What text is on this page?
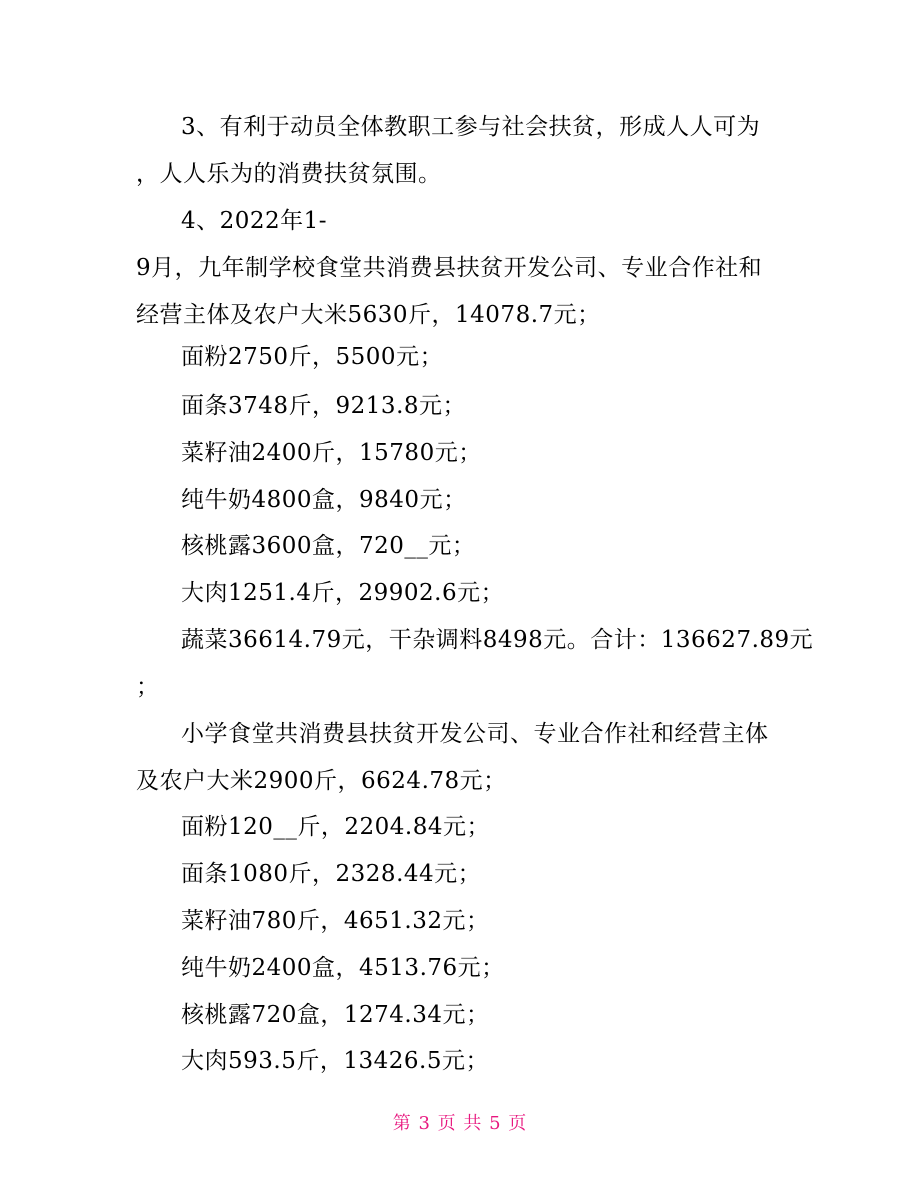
3、有利于动员全体教职工参与社会扶贫，形成人人可为
，人人乐为的消费扶贫氛围。
4、2022年1-
9月，九年制学校食堂共消费县扶贫开发公司、专业合作社和
经营主体及农户大米5630斤，14078.7元；
面粉2750斤，5500元；
面条3748斤，9213.8元；
菜籽油2400斤，15780元；
纯牛奶4800盒，9840元；
核桃露3600盒，720__元；
大肉1251.4斤，29902.6元；
蔬菜36614.79元，干杂调料8498元。合计：136627.89元
；
小学食堂共消费县扶贫开发公司、专业合作社和经营主体
及农户大米2900斤，6624.78元；
面粉120__斤，2204.84元；
面条1080斤，2328.44元；
菜籽油780斤，4651.32元；
纯牛奶2400盒，4513.76元；
核桃露720盒，1274.34元；
大肉593.5斤，13426.5元；
第 3 页 共 5 页
